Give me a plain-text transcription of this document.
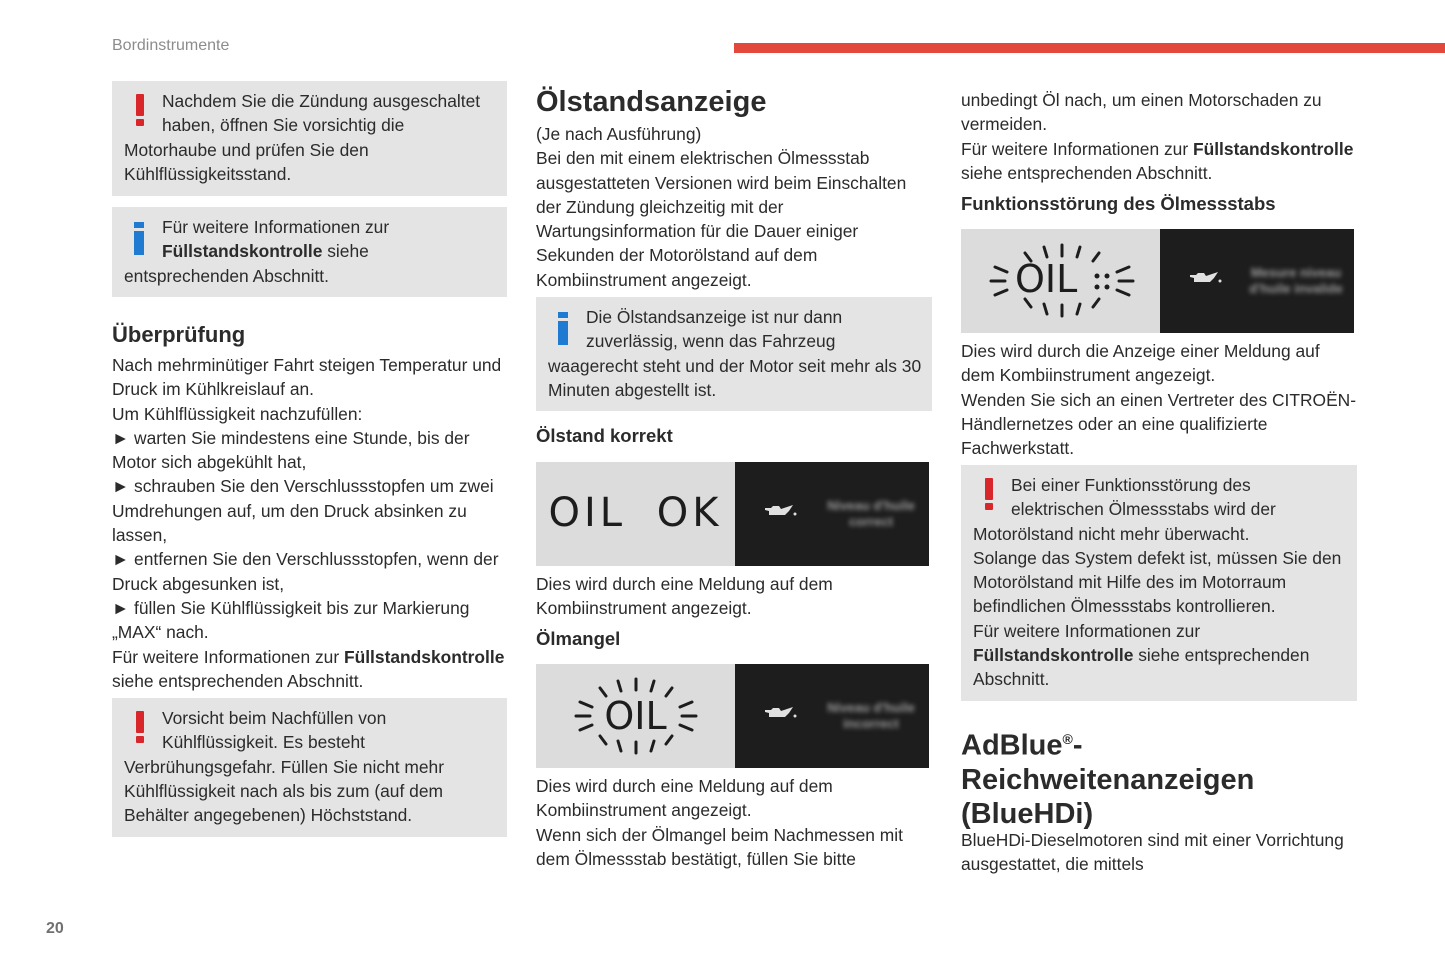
Bordinstrumente
20

Nachdem Sie die Zündung ausgeschaltet
haben, öffnen Sie vorsichtig die
Motorhaube und prüfen Sie den Kühlflüssigkeitsstand.

Für weitere Informationen zur
Füllstandskontrolle siehe
entsprechenden Abschnitt.

Überprüfung
Nach mehrminütiger Fahrt steigen Temperatur und Druck im Kühlkreislauf an.
Um Kühlflüssigkeit nachzufüllen:
► warten Sie mindestens eine Stunde, bis der Motor sich abgekühlt hat,
► schrauben Sie den Verschlussstopfen um zwei Umdrehungen auf, um den Druck absinken zu lassen,
► entfernen Sie den Verschlussstopfen, wenn der Druck abgesunken ist,
► füllen Sie Kühlflüssigkeit bis zur Markierung „MAX“ nach.
Für weitere Informationen zur Füllstandskontrolle siehe entsprechenden Abschnitt.

Vorsicht beim Nachfüllen von
Kühlflüssigkeit. Es besteht
Verbrühungsgefahr. Füllen Sie nicht mehr Kühlflüssigkeit nach als bis zum (auf dem Behälter angegebenen) Höchststand.

Ölstandsanzeige
(Je nach Ausführung)
Bei den mit einem elektrischen Ölmessstab ausgestatteten Versionen wird beim Einschalten der Zündung gleichzeitig mit der Wartungsinformation für die Dauer einiger Sekunden der Motorölstand auf dem Kombiinstrument angezeigt.

Die Ölstandsanzeige ist nur dann
zuverlässig, wenn das Fahrzeug
waagerecht steht und der Motor seit mehr als 30 Minuten abgestellt ist.

Ölstand korrekt
OIL OK	Niveau d'huile correct
Dies wird durch eine Meldung auf dem Kombiinstrument angezeigt.
Ölmangel
OIL	Niveau d'huile incorrect
Dies wird durch eine Meldung auf dem Kombiinstrument angezeigt.
Wenn sich der Ölmangel beim Nachmessen mit dem Ölmessstab bestätigt, füllen Sie bitte
unbedingt Öl nach, um einen Motorschaden zu vermeiden.
Für weitere Informationen zur Füllstandskontrolle siehe entsprechenden Abschnitt.
Funktionsstörung des Ölmessstabs
OIL	Mesure niveau d'huile invalide
Dies wird durch die Anzeige einer Meldung auf dem Kombiinstrument angezeigt.
Wenden Sie sich an einen Vertreter des CITROËN-Händlernetzes oder an eine qualifizierte Fachwerkstatt.
Bei einer Funktionsstörung des
elektrischen Ölmessstabs wird der
Motorölstand nicht mehr überwacht.
Solange das System defekt ist, müssen Sie den Motorölstand mit Hilfe des im Motorraum befindlichen Ölmessstabs kontrollieren.
Für weitere Informationen zur
Füllstandskontrolle siehe entsprechenden Abschnitt.
AdBlue®-
Reichweitenanzeigen
(BlueHDi)
BlueHDi-Dieselmotoren sind mit einer Vorrichtung ausgestattet, die mittels
